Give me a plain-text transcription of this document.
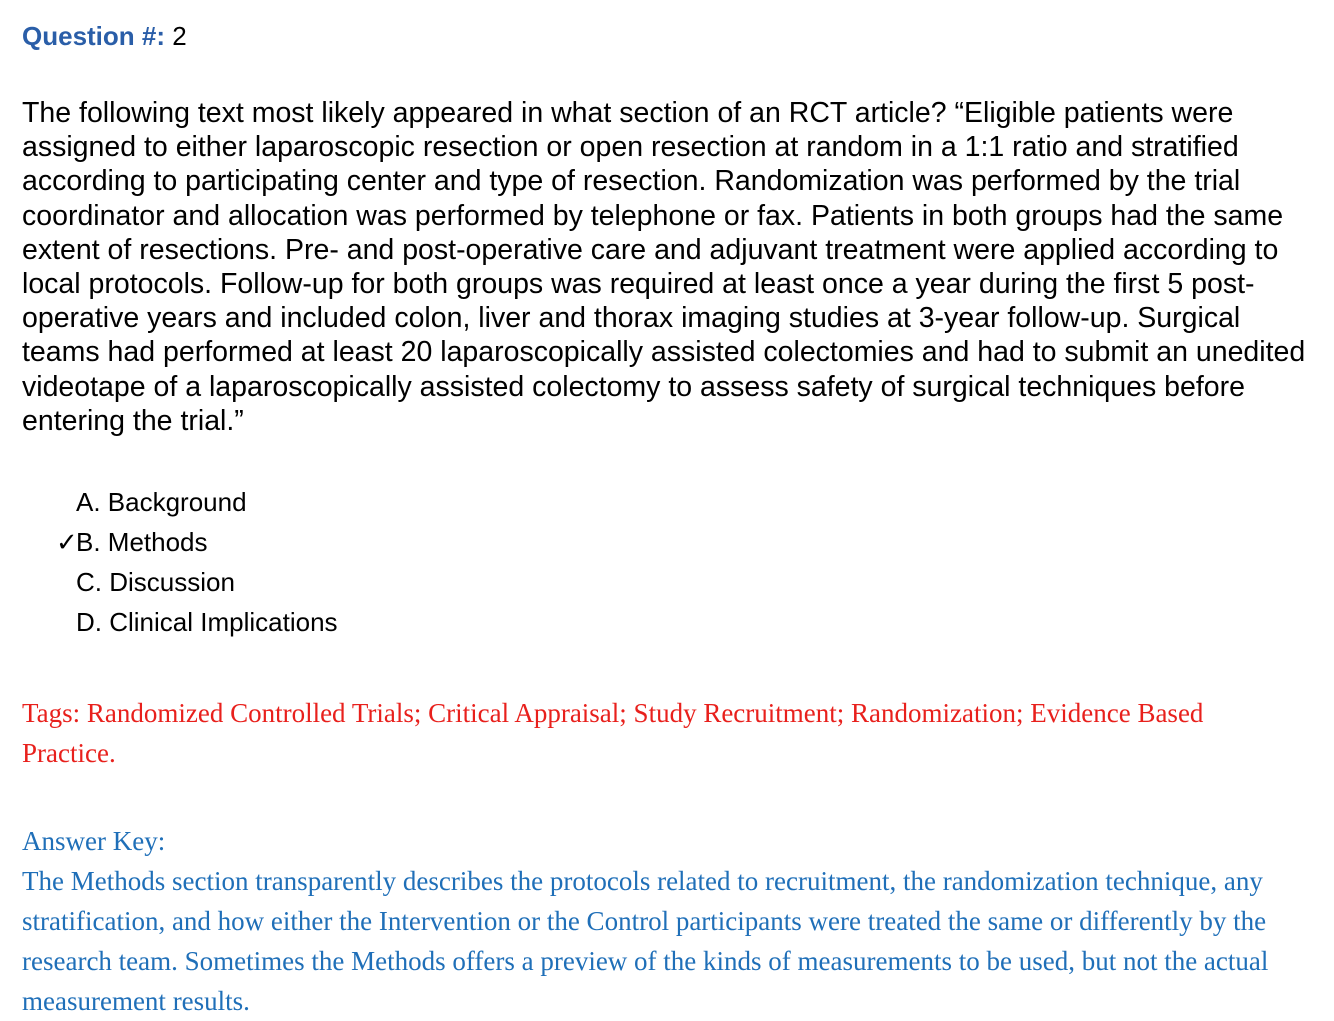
Question #: 2

The following text most likely appeared in what section of an RCT article? “Eligible patients were assigned to either laparoscopic resection or open resection at random in a 1:1 ratio and stratified according to participating center and type of resection. Randomization was performed by the trial coordinator and allocation was performed by telephone or fax. Patients in both groups had the same extent of resections. Pre- and post-operative care and adjuvant treatment were applied according to local protocols. Follow-up for both groups was required at least once a year during the first 5 post-operative years and included colon, liver and thorax imaging studies at 3-year follow-up. Surgical teams had performed at least 20 laparoscopically assisted colectomies and had to submit an unedited videotape of a laparoscopically assisted colectomy to assess safety of surgical techniques before entering the trial.”
A. Background
✓
B. Methods
C. Discussion
D. Clinical Implications
Tags: Randomized Controlled Trials; Critical Appraisal; Study Recruitment; Randomization; Evidence Based Practice.

Answer Key:

The Methods section transparently describes the protocols related to recruitment, the randomization technique, any stratification, and how either the Intervention or the Control participants were treated the same or differently by the research team. Sometimes the Methods offers a preview of the kinds of measurements to be used, but not the actual measurement results.
